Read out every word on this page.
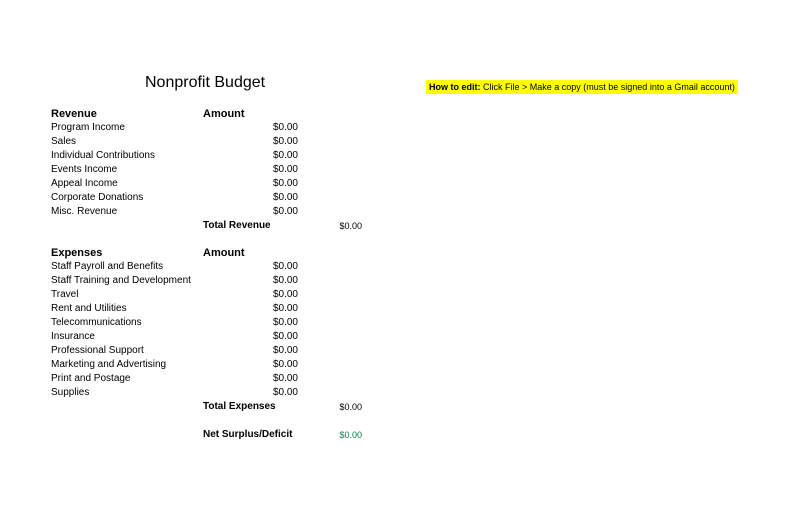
Nonprofit Budget	How to edit: Click File > Make a copy (must be signed into a Gmail account)
Revenue	Amount
Program Income	$0.00
Sales	$0.00
Individual Contributions	$0.00
Events Income	$0.00
Appeal Income	$0.00
Corporate Donations	$0.00
Misc. Revenue	$0.00
Total Revenue	$0.00
Expenses	Amount
Staff Payroll and Benefits	$0.00
Staff Training and Development	$0.00
Travel	$0.00
Rent and Utilities	$0.00
Telecommunications	$0.00
Insurance	$0.00
Professional Support	$0.00
Marketing and Advertising	$0.00
Print and Postage	$0.00
Supplies	$0.00
Total Expenses	$0.00
Net Surplus/Deficit	$0.00
